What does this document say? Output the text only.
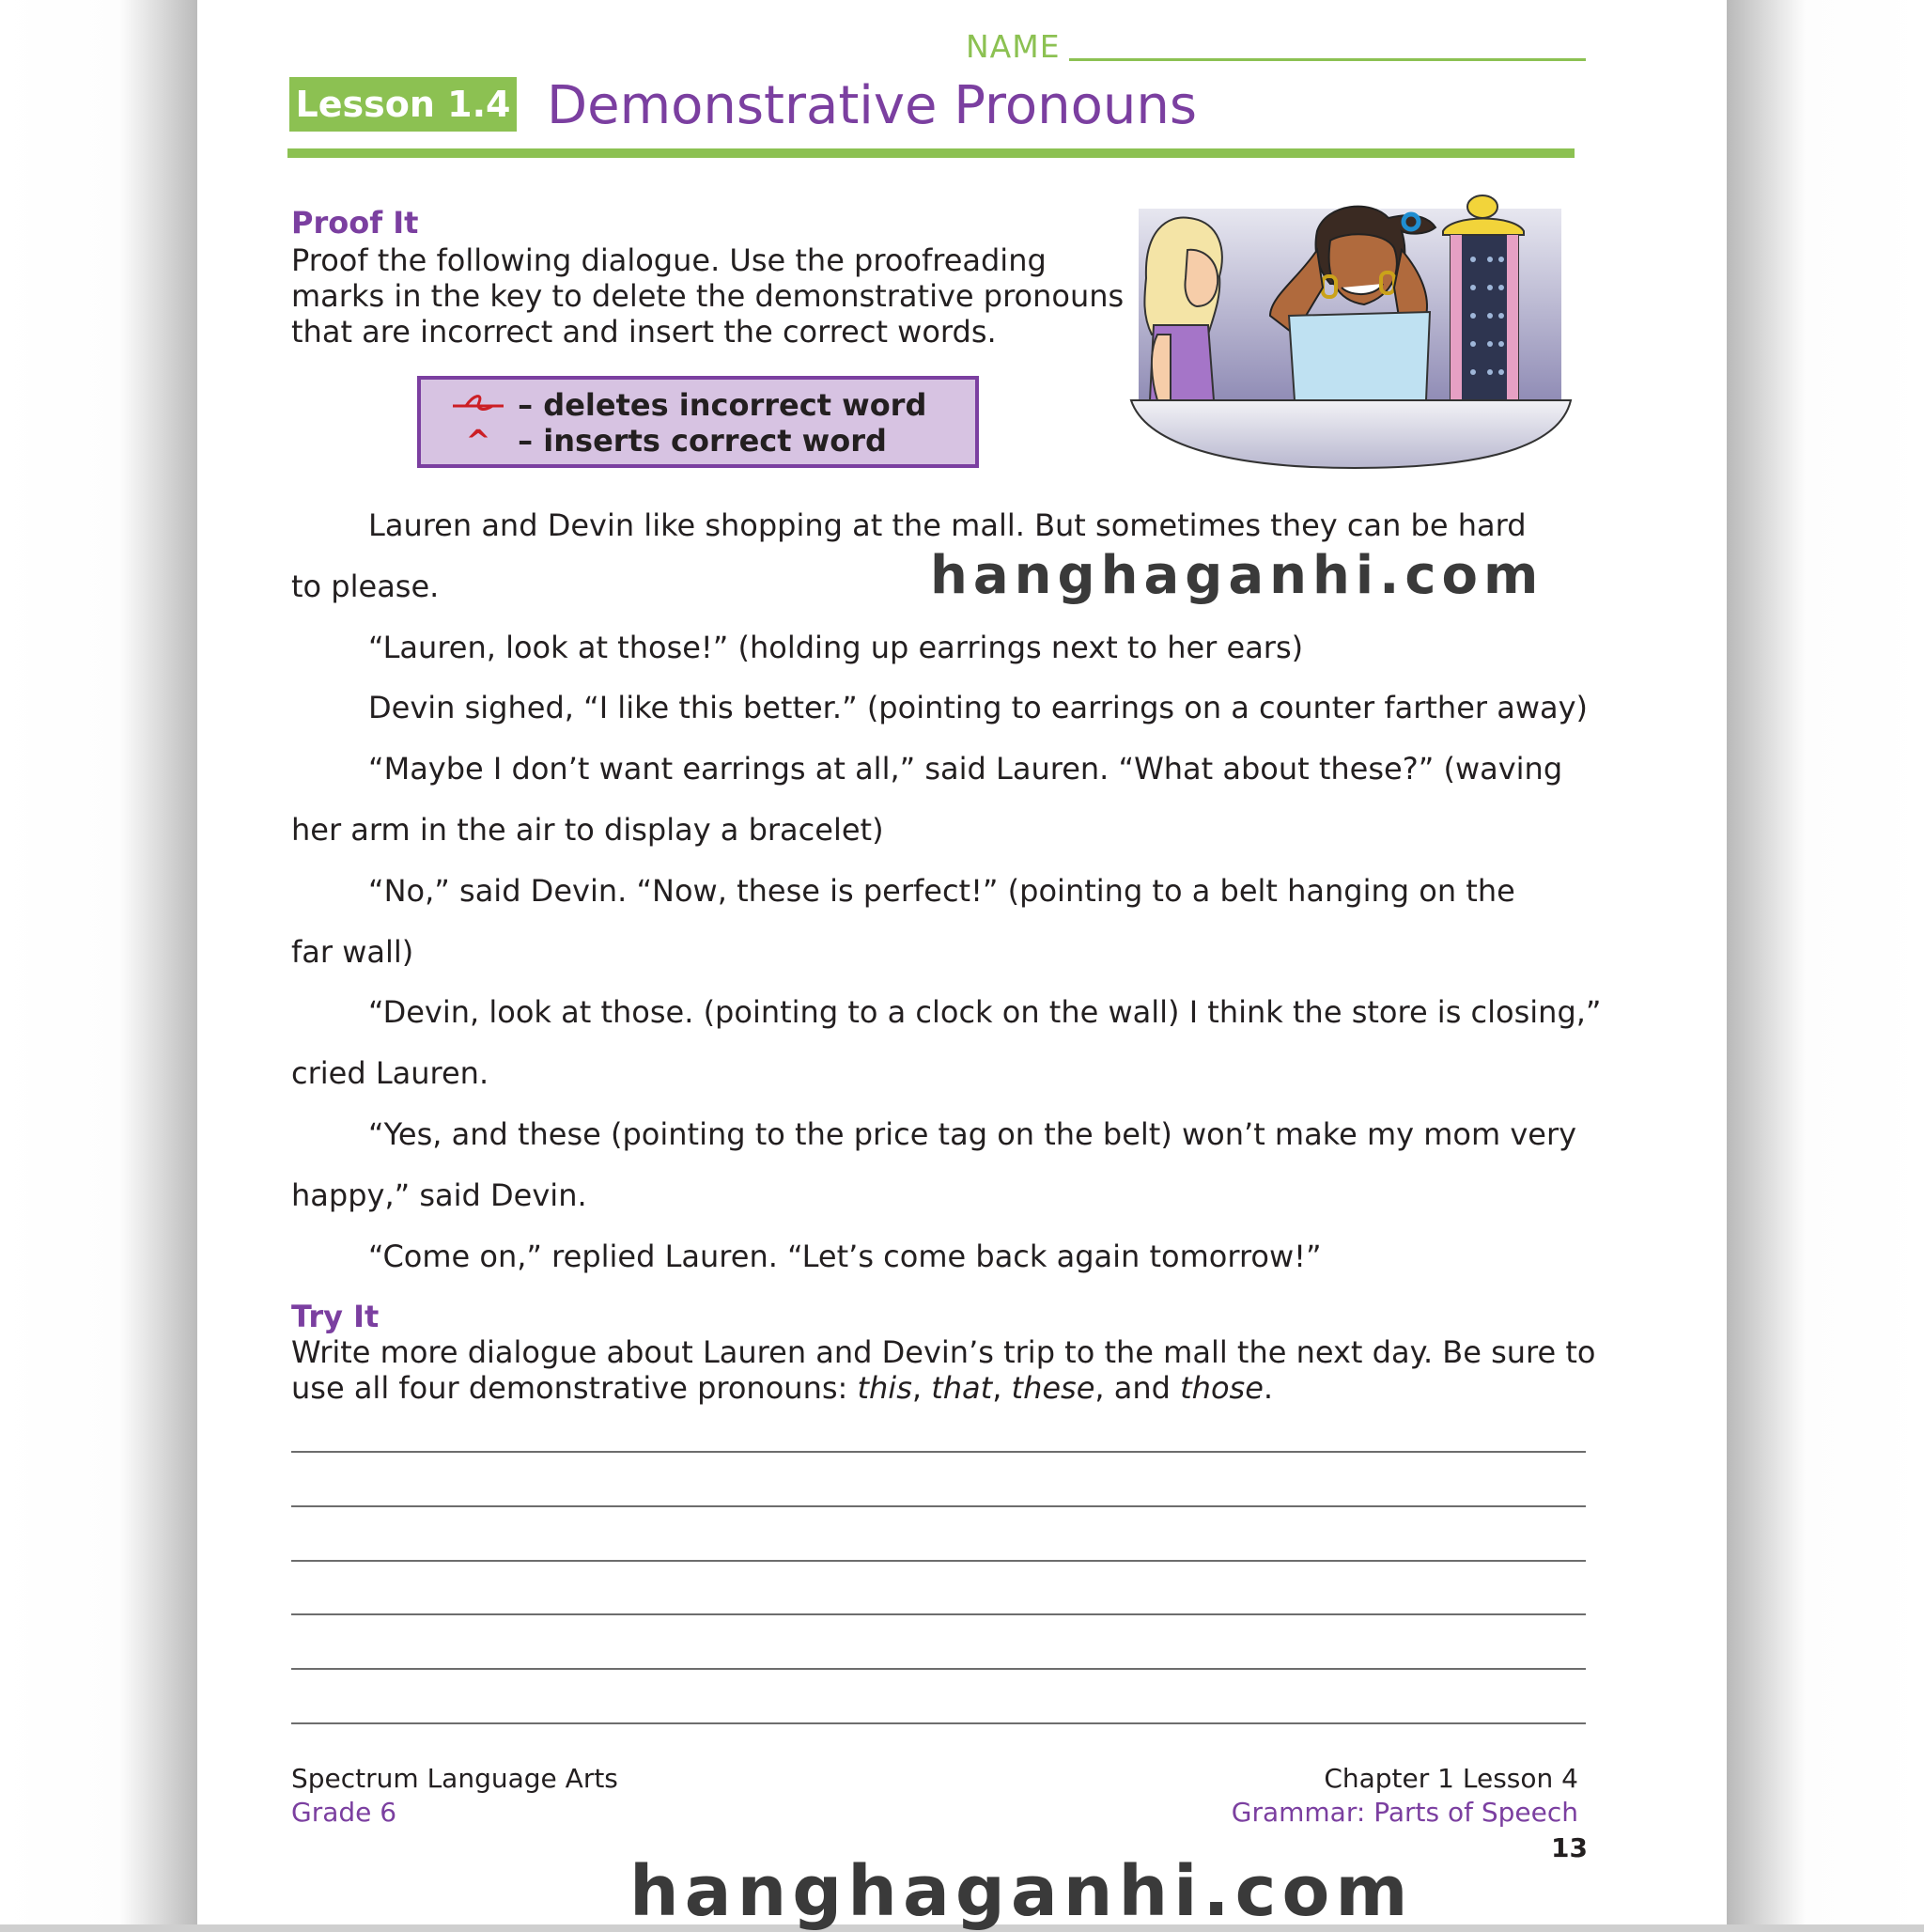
NAME
Lesson 1.4 Demonstrative Pronouns
Proof It
Proof the following dialogue. Use the proofreading
marks in the key to delete the demonstrative pronouns
that are incorrect and insert the correct words.
– deletes incorrect word
^ – inserts correct word
Lauren and Devin like shopping at the mall. But sometimes they can be hard
to please.
“Lauren, look at those!” (holding up earrings next to her ears)
Devin sighed, “I like this better.” (pointing to earrings on a counter farther away)
“Maybe I don’t want earrings at all,” said Lauren. “What about these?” (waving
her arm in the air to display a bracelet)
“No,” said Devin. “Now, these is perfect!” (pointing to a belt hanging on the
far wall)
“Devin, look at those. (pointing to a clock on the wall) I think the store is closing,”
cried Lauren.
“Yes, and these (pointing to the price tag on the belt) won’t make my mom very
happy,” said Devin.
“Come on,” replied Lauren. “Let’s come back again tomorrow!”
Try It
Write more dialogue about Lauren and Devin’s trip to the mall the next day. Be sure to
use all four demonstrative pronouns: this, that, these, and those.
Spectrum Language Arts
Grade 6
Chapter 1 Lesson 4
Grammar: Parts of Speech
13
hanghaganhi.com
hanghaganhi.com
